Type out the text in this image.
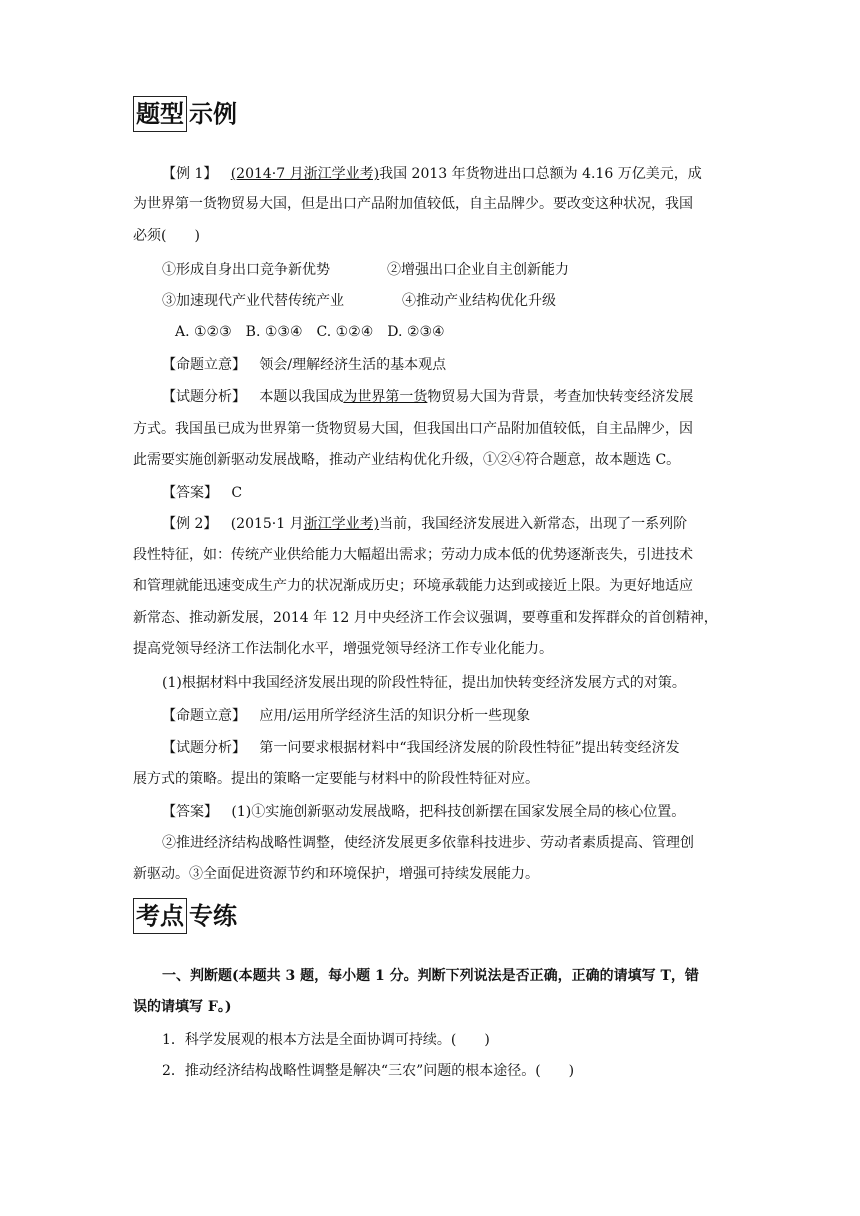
题型 示例
【例 1】 (2014·7 月浙江学业考)我国 2013 年货物进出口总额为 4.16 万亿美元，成
为世界第一货物贸易大国，但是出口产品附加值较低，自主品牌少。要改变这种状况，我国
必须(　　)
①形成自身出口竞争新优势	②增强出口企业自主创新能力
③加速现代产业代替传统产业	④推动产业结构优化升级
A. ①②③　B. ①③④　C. ①②④　D. ②③④
【命题立意】 领会/理解经济生活的基本观点
【试题分析】 本题以我国成为世界第一货物贸易大国为背景，考查加快转变经济发展
方式。我国虽已成为世界第一货物贸易大国，但我国出口产品附加值较低，自主品牌少，因
此需要实施创新驱动发展战略，推动产业结构优化升级，①②④符合题意，故本题选 C。
【答案】 C
【例 2】 (2015·1 月浙江学业考)当前，我国经济发展进入新常态，出现了一系列阶
段性特征，如：传统产业供给能力大幅超出需求；劳动力成本低的优势逐渐丧失，引进技术
和管理就能迅速变成生产力的状况渐成历史；环境承载能力达到或接近上限。为更好地适应
新常态、推动新发展，2014 年 12 月中央经济工作会议强调，要尊重和发挥群众的首创精神，
提高党领导经济工作法制化水平，增强党领导经济工作专业化能力。
(1)根据材料中我国经济发展出现的阶段性特征，提出加快转变经济发展方式的对策。
【命题立意】 应用/运用所学经济生活的知识分析一些现象
【试题分析】 第一问要求根据材料中“我国经济发展的阶段性特征”提出转变经济发
展方式的策略。提出的策略一定要能与材料中的阶段性特征对应。
【答案】 (1)①实施创新驱动发展战略，把科技创新摆在国家发展全局的核心位置。
②推进经济结构战略性调整，使经济发展更多依靠科技进步、劳动者素质提高、管理创
新驱动。③全面促进资源节约和环境保护，增强可持续发展能力。
考点 专练
一、判断题(本题共 3 题，每小题 1 分。判断下列说法是否正确，正确的请填写 T，错
误的请填写 F。)
1．科学发展观的根本方法是全面协调可持续。(　　)
2．推动经济结构战略性调整是解决“三农”问题的根本途径。(　　)
